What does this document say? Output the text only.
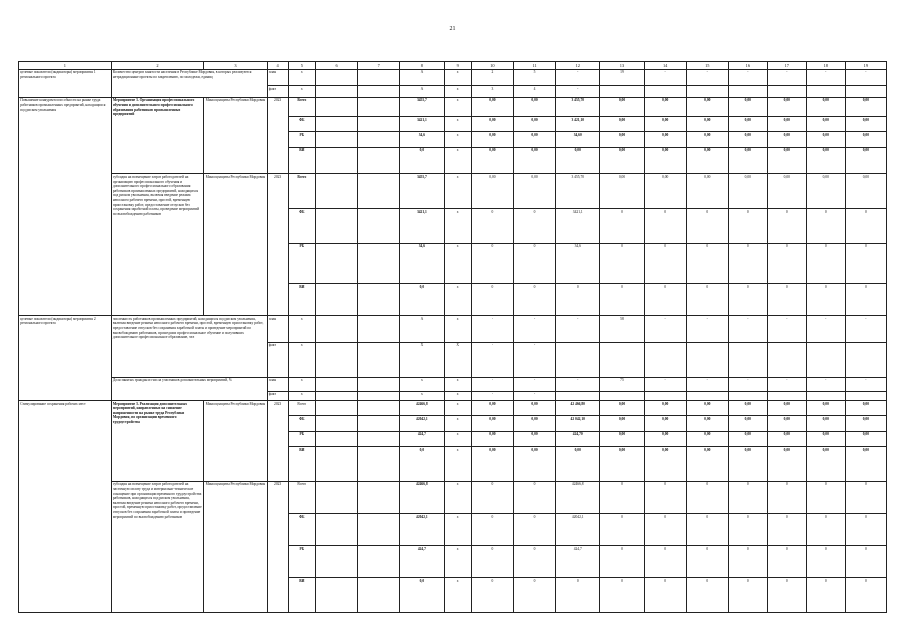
21
1	2	3	4	5	6	7	8	9	10	11	12	13	14	15	16	17	18	19
целевые показатели (индикаторы) мероприятия 1 регионального проекта	Количество центров занятости населения в Республике Мордовия, в которых реализуются нетрадиционные проекты по закреплению, по молодежи, единиц		план	x			А	x	2	5	-	19	-	-	-	-	-	-
			факт	x			А	x	3	4	-							
Повышение конкурентоспособности на рынке труда работников промышленных предприятий, находящихся под риском увольнения	Мероприятие 3. Организация профессионального обучения и дополнительного профессионального образования работников промышленных предприятий	Минсоцзащиты Республики Мордовия	2023	Всего			3455,7	x	0,00	0,00	3 455,70	0,00	0,00	0,00	0,00	0,00	0,00	0,00
				ФБ			3421,1	x	0,00	0,00	3 421,10	0,00	0,00	0,00	0,00	0,00	0,00	0,00
				РБ			34,6	x	0,00	0,00	34,60	0,00	0,00	0,00	0,00	0,00	0,00	0,00
				ВИ			0,0	x	0,00	0,00	0,00	0,00	0,00	0,00	0,00	0,00	0,00	0,00
	субсидия на возмещение затрат работодателей на организацию профессионального обучения и дополнительного профессионального образования работников промышленных предприятий, находящихся под риском увольнения, включая введение режима неполного рабочего времени, простой, временную приостановку работ, предоставление отпусков без сохранения заработной платы, проведение мероприятий по высвобождению работников	Минсоцзащиты Республики Мордовия	2023	Всего			3455,7	x	0,00	0,00	3 455,70	0,00	0,00	0,00	0,00	0,00	0,00	0,00
				ФБ			3421,1	x	0	0	3421,1	0	0	0	0	0	0	0
				РБ			34,6	x	0	0	34,6	0	0	0	0	0	0	0
				ВИ			0,0	x	0	0	0	0	0	0	0	0	0	0
целевые показатели (индикаторы) мероприятия 2 регионального проекта	численность работников промышленных предприятий, находящихся под риском увольнения, включая введение режима неполного рабочего времени, простой, временную приостановку работ, предоставление отпусков без сохранения заработной платы и проведение мероприятий по высвобождению работников, прошедших профессиональное обучение и получивших дополнительное профессиональное образование, чел		план	x			А	x	-	-	-	58	-	-	-	-	-	-
			факт	x			Х	Х	-	-								
	Доля занятых граждан из числа участников дополнительных мероприятий, %		план	x			x	x	-	-	-	75	-	-	-	-	-	-
			факт	x			x	x	-	-								
Стимулирование сохранения рабочих мест	Мероприятие 3. Реализация дополнительных мероприятий, направленных на снижение напряженности на рынке труда Республики Мордовия, по организации временного трудоустройства	Минсоцзащиты Республики Мордовия	2023	Всего			42466,8	x	0,00	0,00	42 466,80	0,00	0,00	0,00	0,00	0,00	0,00	0,00
				ФБ			42042,1	x	0,00	0,00	42 042,10	0,00	0,00	0,00	0,00	0,00	0,00	0,00
				РБ			424,7	x	0,00	0,00	424,70	0,00	0,00	0,00	0,00	0,00	0,00	0,00
				ВИ			0,0	x	0,00	0,00	0,00	0,00	0,00	0,00	0,00	0,00	0,00	0,00
	субсидия на возмещение затрат работодателей на частичную оплату труда и материально-техническое оснащение при организации временного трудоустройства работников, находящихся под риском увольнения, включая введение режима неполного рабочего времени, простой, временную приостановку работ, предоставление отпусков без сохранения заработной платы и проведение мероприятий по высвобождению работников	Минсоцзащиты Республики Мордовия	2023	Всего			42466,8	x	0	0	42466,8	0	0	0	0	0	0	0
				ФБ			42042,1	x	0	0	42042,1	0	0	0	0	0	0	0
				РБ			424,7	x	0	0	424,7	0	0	0	0	0	0	0
				ВИ			0,0	x	0	0	0	0	0	0	0	0	0	0
